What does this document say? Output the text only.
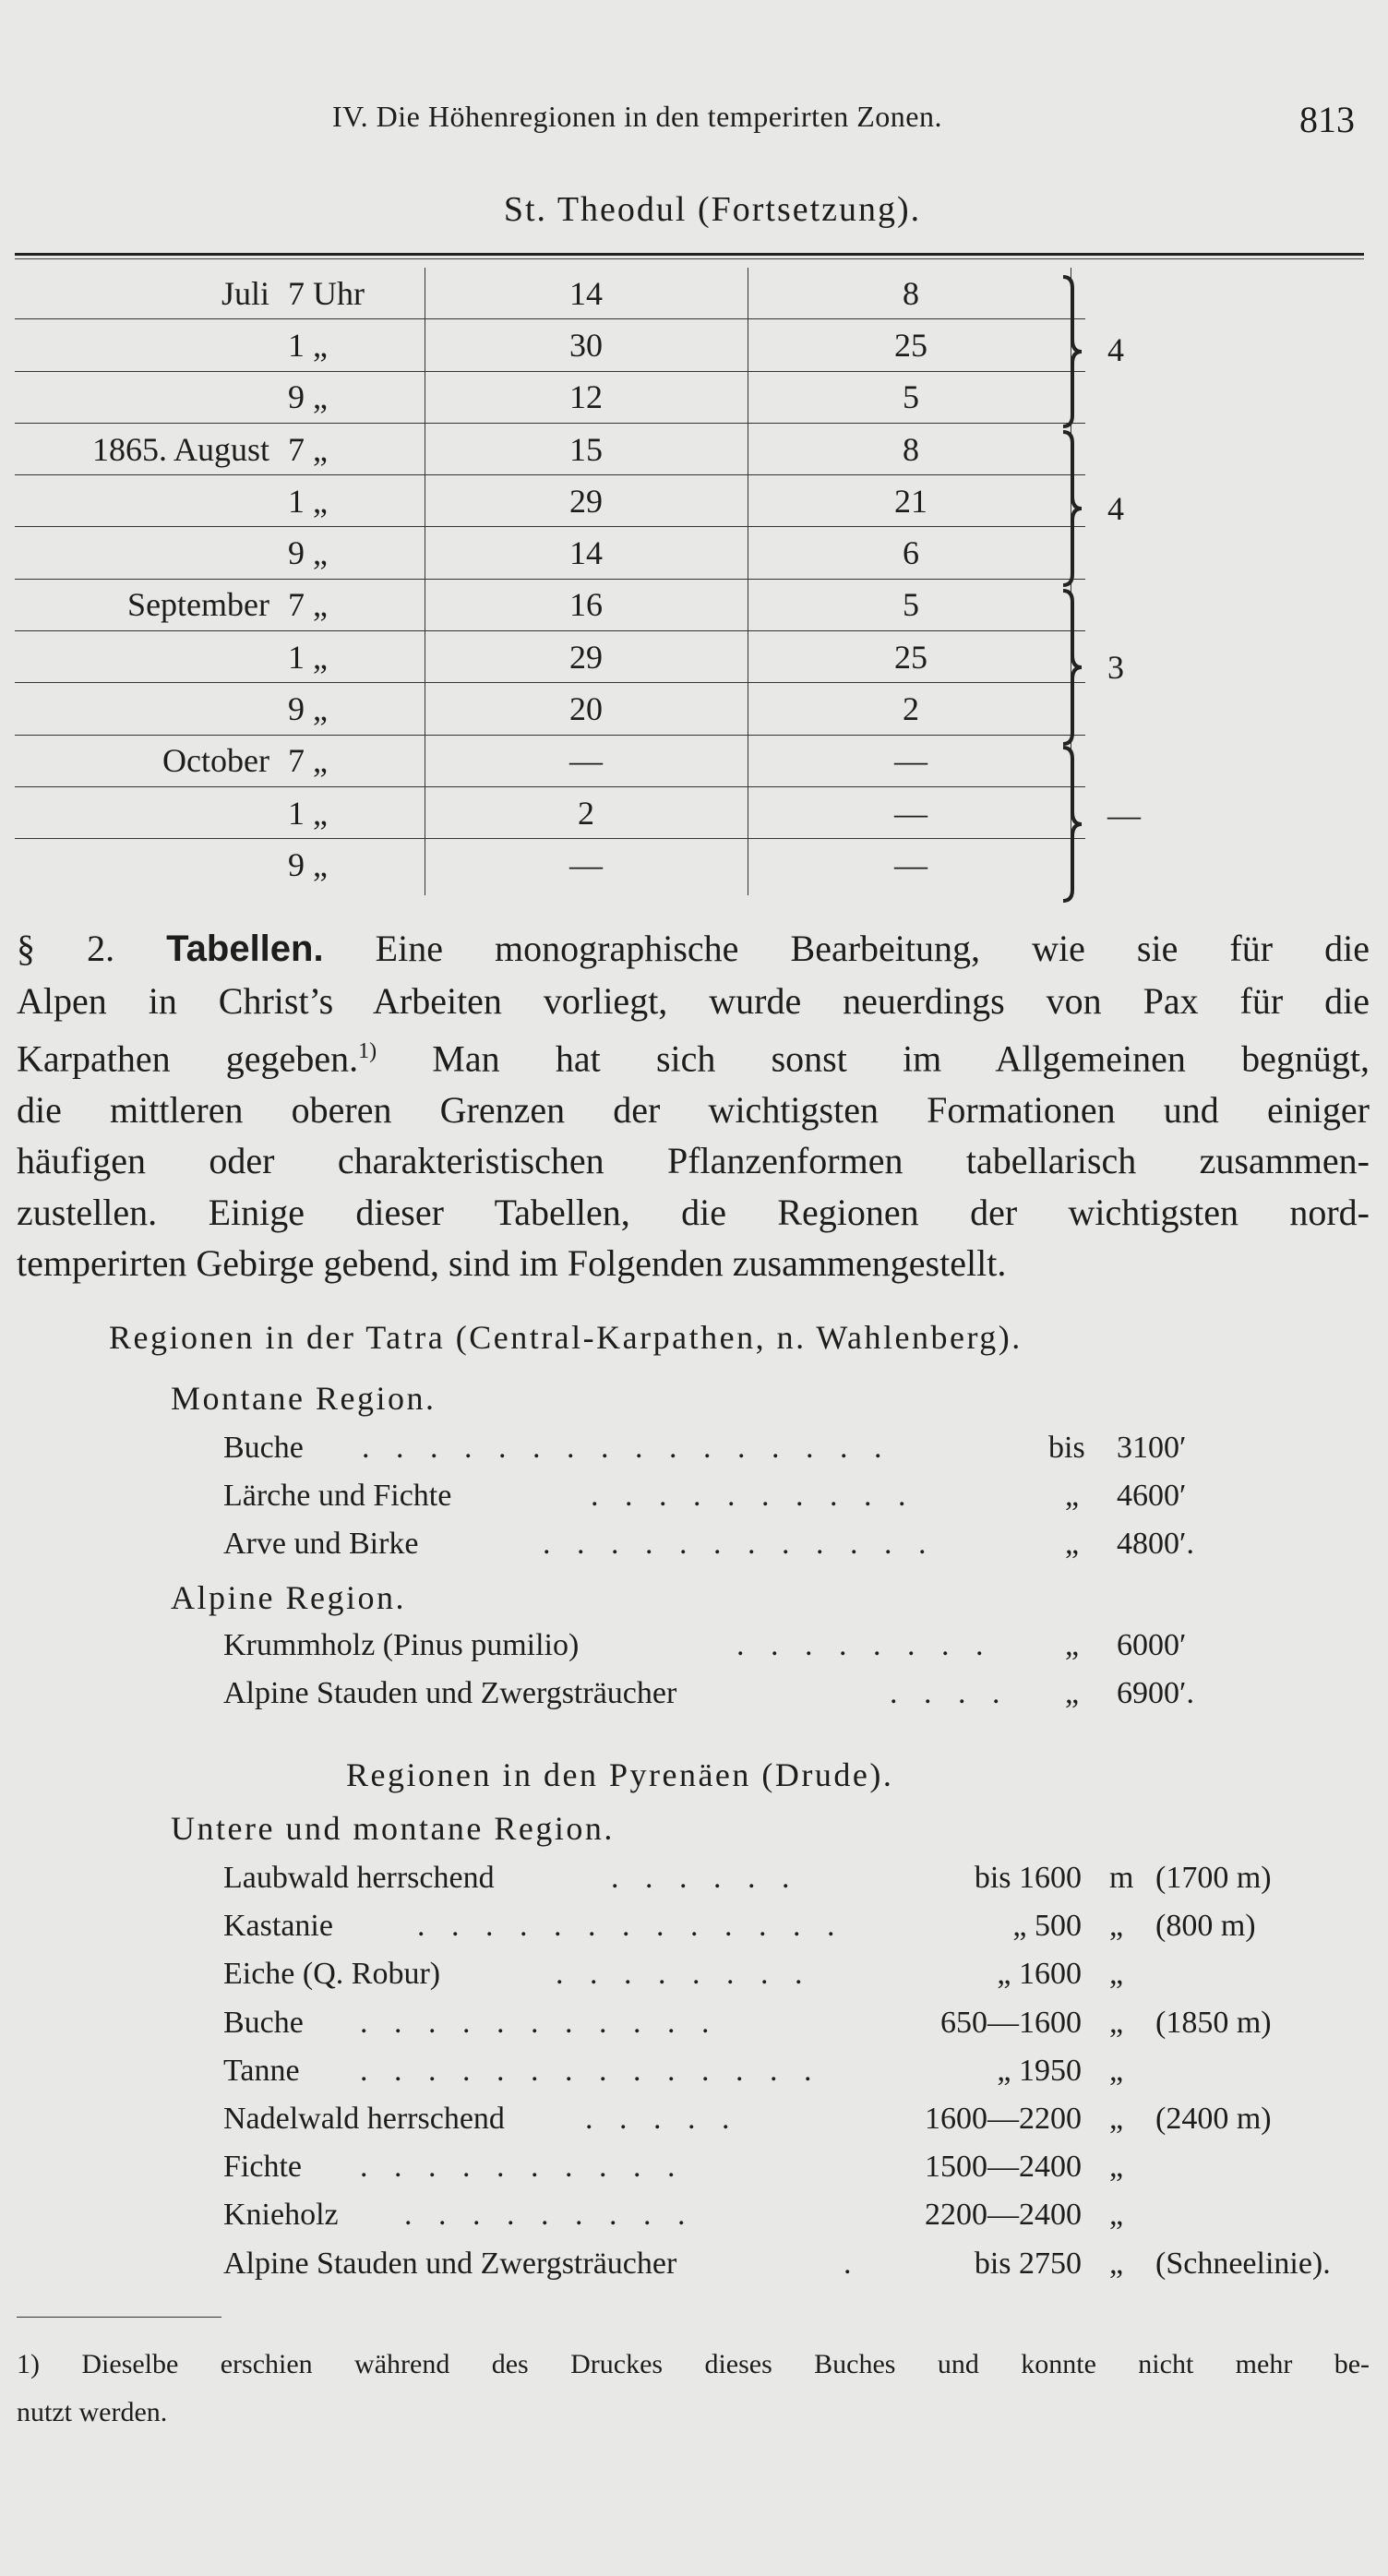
IV. Die Höhenregionen in den temperirten Zonen.	813
St. Theodul (Fortsetzung).
Juli 7 Uhr	14	8
1 „	30	25
9 „	12	5
1865. August 7 „	15	8
1 „	29	21
9 „	14	6
September 7 „	16	5
1 „	29	25
9 „	20	2
October 7 „	—	—
1 „	2	—
9 „	—	—
4
4
3
—
§ 2. Tabellen. Eine monographische Bearbeitung, wie sie für die
Alpen in Christ’s Arbeiten vorliegt, wurde neuerdings von Pax für die
Karpathen gegeben.$^{1)}$ Man hat sich sonst im Allgemeinen begnügt,
die mittleren oberen Grenzen der wichtigsten Formationen und einiger
häufigen oder charakteristischen Pflanzenformen tabellarisch zusammen-
zustellen. Einige dieser Tabellen, die Regionen der wichtigsten nord-
temperirten Gebirge gebend, sind im Folgenden zusammengestellt.
Regionen in der Tatra (Central-Karpathen, n. Wahlenberg).
Montane Region.
Buche . . . . . . . . . . . . . . . .	bis 3100′
Lärche und Fichte	. . . . . . . . . .	„ 4600′
Arve und Birke	. . . . . . . . . . . .	„ 4800′.
Alpine Region.
Krummholz (Pinus pumilio)	. . . . . . . . „ 6000′
Alpine Stauden und Zwergsträucher	. . . . „ 6900′.
Regionen in den Pyrenäen (Drude).
Untere und montane Region.
Laubwald herrschend	. . . . . .	bis 1600 m (1700 m)
Kastanie	. . . . . . . . . . . . .	„ 500 „ (800 m)
Eiche (Q. Robur)	. . . . . . . .	„ 1600 „
Buche . . . . . . . . . . .	650—1600 „ (1850 m)
Tanne . . . . . . . . . . . . . .	„ 1950 „
Nadelwald herrschend	. . . . .	1600—2200 „ (2400 m)
Fichte . . . . . . . . . .	1500—2400 „
Knieholz . . . . . . . . .	2200—2400 „
Alpine Stauden und Zwergsträucher	.	bis 2750 „ (Schneelinie).
1) Dieselbe erschien während des Druckes dieses Buches und konnte nicht mehr be-
nutzt werden.
